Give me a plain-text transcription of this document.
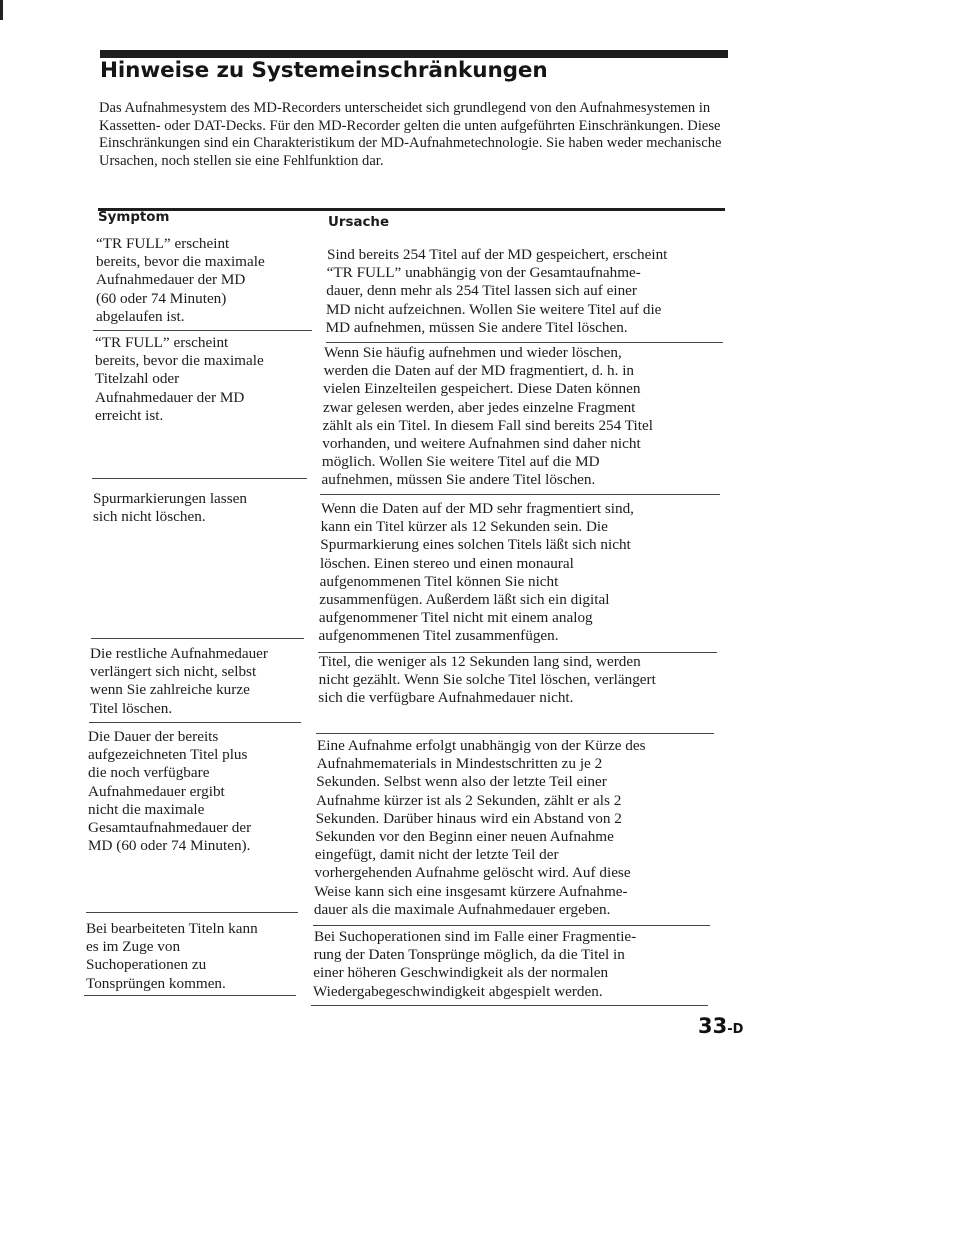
Hinweise zu Systemeinschränkungen
Das Aufnahmesystem des MD-Recorders unterscheidet sich grundlegend von den Aufnahmesystemen in Kassetten- oder DAT-Decks. Für den MD-Recorder gelten die unten aufgeführten Einschränkungen. Diese Einschränkungen sind ein Charakteristikum der MD-Aufnahmetechnologie. Sie haben weder mechanische Ursachen, noch stellen sie eine Fehlfunktion dar.
Symptom	Ursache
“TR FULL” erscheint
bereits, bevor die maximale
Aufnahmedauer der MD
(60 oder 74 Minuten)
abgelaufen ist.
Sind bereits 254 Titel auf der MD gespeichert, erscheint
“TR FULL” unabhängig von der Gesamtaufnahme-
dauer, denn mehr als 254 Titel lassen sich auf einer
MD nicht aufzeichnen. Wollen Sie weitere Titel auf die
MD aufnehmen, müssen Sie andere Titel löschen.
“TR FULL” erscheint
bereits, bevor die maximale
Titelzahl oder
Aufnahmedauer der MD
erreicht ist.
Wenn Sie häufig aufnehmen und wieder löschen,
werden die Daten auf der MD fragmentiert, d. h. in
vielen Einzelteilen gespeichert. Diese Daten können
zwar gelesen werden, aber jedes einzelne Fragment
zählt als ein Titel. In diesem Fall sind bereits 254 Titel
vorhanden, und weitere Aufnahmen sind daher nicht
möglich. Wollen Sie weitere Titel auf die MD
aufnehmen, müssen Sie andere Titel löschen.
Spurmarkierungen lassen
sich nicht löschen.	Wenn die Daten auf der MD sehr fragmentiert sind,
kann ein Titel kürzer als 12 Sekunden sein. Die
Spurmarkierung eines solchen Titels läßt sich nicht
löschen. Einen stereo und einen monaural
aufgenommenen Titel können Sie nicht
zusammenfügen. Außerdem läßt sich ein digital
aufgenommener Titel nicht mit einem analog
aufgenommenen Titel zusammenfügen.
Die restliche Aufnahmedauer
verlängert sich nicht, selbst
wenn Sie zahlreiche kurze
Titel löschen.
Titel, die weniger als 12 Sekunden lang sind, werden
nicht gezählt. Wenn Sie solche Titel löschen, verlängert
sich die verfügbare Aufnahmedauer nicht.
Die Dauer der bereits
aufgezeichneten Titel plus
die noch verfügbare
Aufnahmedauer ergibt
nicht die maximale
Gesamtaufnahmedauer der
MD (60 oder 74 Minuten).
Eine Aufnahme erfolgt unabhängig von der Kürze des
Aufnahmematerials in Mindestschritten zu je 2
Sekunden. Selbst wenn also der letzte Teil einer
Aufnahme kürzer ist als 2 Sekunden, zählt er als 2
Sekunden. Darüber hinaus wird ein Abstand von 2
Sekunden vor den Beginn einer neuen Aufnahme
eingefügt, damit nicht der letzte Teil der
vorhergehenden Aufnahme gelöscht wird. Auf diese
Weise kann sich eine insgesamt kürzere Aufnahme-
dauer als die maximale Aufnahmedauer ergeben.
Bei bearbeiteten Titeln kann
es im Zuge von
Suchoperationen zu
Tonsprüngen kommen.
Bei Suchoperationen sind im Falle einer Fragmentie-
rung der Daten Tonsprünge möglich, da die Titel in
einer höheren Geschwindigkeit als der normalen
Wiedergabegeschwindigkeit abgespielt werden.
33-D
